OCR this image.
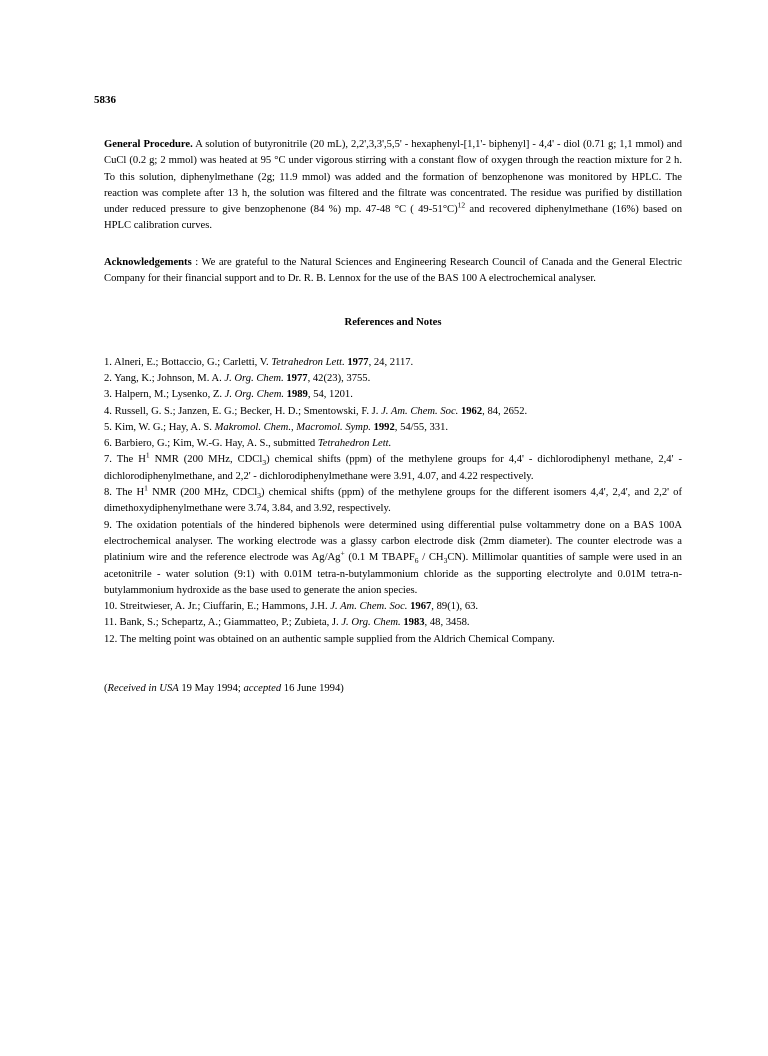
5836

General Procedure. A solution of butyronitrile (20 mL), 2,2',3,3',5,5' - hexaphenyl-[1,1'- biphenyl] - 4,4' - diol (0.71 g; 1,1 mmol) and CuCl (0.2 g; 2 mmol) was heated at 95 °C under vigorous stirring with a constant flow of oxygen through the reaction mixture for 2 h. To this solution, diphenylmethane (2g; 11.9 mmol) was added and the formation of benzophenone was monitored by HPLC. The reaction was complete after 13 h, the solution was filtered and the filtrate was concentrated. The residue was purified by distillation under reduced pressure to give benzophenone (84 %) mp. 47-48 °C ( 49-51°C)$^{12}$ and recovered diphenylmethane (16%) based on HPLC calibration curves.

Acknowledgements : We are grateful to the Natural Sciences and Engineering Research Council of Canada and the General Electric Company for their financial support and to Dr. R. B. Lennox for the use of the BAS 100 A electrochemical analyser.

References and Notes

1. Alneri, E.; Bottaccio, G.; Carletti, V. Tetrahedron Lett. 1977, 24, 2117.

2. Yang, K.; Johnson, M. A. J. Org. Chem. 1977, 42(23), 3755.

3. Halpern, M.; Lysenko, Z. J. Org. Chem. 1989, 54, 1201.

4. Russell, G. S.; Janzen, E. G.; Becker, H. D.; Smentowski, F. J. J. Am. Chem. Soc. 1962, 84, 2652.

5. Kim, W. G.; Hay, A. S. Makromol. Chem., Macromol. Symp. 1992, 54/55, 331.

6. Barbiero, G.; Kim, W.-G. Hay, A. S., submitted Tetrahedron Lett.

7. The $H^1$ NMR (200 MHz, CDCl$_3$) chemical shifts (ppm) of the methylene groups for 4,4' - dichlorodiphenyl methane, 2,4' - dichlorodiphenylmethane, and 2,2' - dichlorodiphenylmethane were 3.91, 4.07, and 4.22 respectively.

8. The $H^1$ NMR (200 MHz, CDCl$_3$) chemical shifts (ppm) of the methylene groups for the different isomers 4,4', 2,4', and 2,2' of dimethoxydiphenylmethane were 3.74, 3.84, and 3.92, respectively.

9. The oxidation potentials of the hindered biphenols were determined using differential pulse voltammetry done on a BAS 100A electrochemical analyser. The working electrode was a glassy carbon electrode disk (2mm diameter). The counter electrode was a platinium wire and the reference electrode was Ag/Ag+ (0.1 M $TBAPF_6 / CH_3CN$). Millimolar quantities of sample were used in an acetonitrile - water solution (9:1) with 0.01M tetra-n-butylammonium chloride as the supporting electrolyte and 0.01M tetra-n-butylammonium hydroxide as the base used to generate the anion species.

10. Streitwieser, A. Jr.; Ciuffarin, E.; Hammons, J.H. J. Am. Chem. Soc. 1967, 89(1), 63.

11. Bank, S.; Schepartz, A.; Giammatteo, P.; Zubieta, J. J. Org. Chem. 1983, 48, 3458.

12. The melting point was obtained on an authentic sample supplied from the Aldrich Chemical Company.

(Received in USA 19 May 1994; accepted 16 June 1994)
